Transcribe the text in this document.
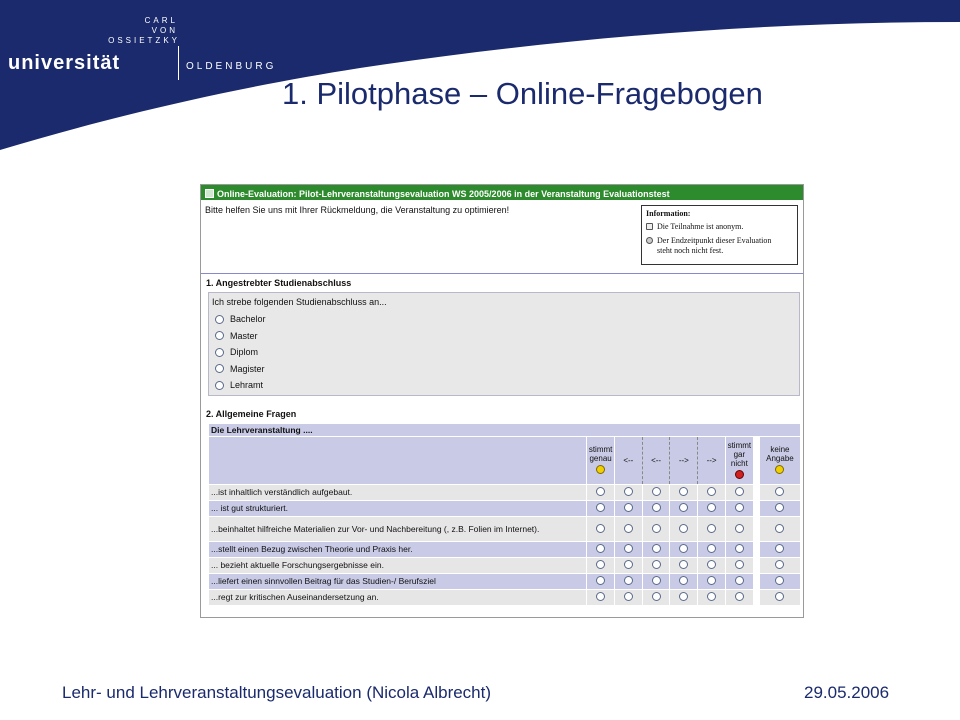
CARL
VON
OSSIETZKY
universität	OLDENBURG
1. Pilotphase – Online-Fragebogen
Online-Evaluation: Pilot-Lehrveranstaltungsevaluation WS 2005/2006 in der Veranstaltung Evaluationstest
Bitte helfen Sie uns mit Ihrer Rückmeldung, die Veranstaltung zu optimieren!	Information:
Die Teilnahme ist anonym.
Der Endzeitpunkt dieser Evaluation
steht noch nicht fest.
1. Angestrebter Studienabschluss
Ich strebe folgenden Studienabschluss an...
Bachelor
Master
Diplom
Magister
Lehramt
2. Allgemeine Fragen
Die Lehrveranstaltung ....								
	stimmt
genau	<--	<--	-->	-->	stimmt
gar
nicht		keine
Angabe

...ist inhaltlich verständlich aufgebaut.								
... ist gut strukturiert.								
...beinhaltet hilfreiche Materialien zur Vor- und Nachbereitung (, z.B. Folien im Internet).								
...stellt einen Bezug zwischen Theorie und Praxis her.								
... bezieht aktuelle Forschungsergebnisse ein.								
...liefert einen sinnvollen Beitrag für das Studien-/ Berufsziel								
...regt zur kritischen Auseinandersetzung an.								
Lehr- und Lehrveranstaltungsevaluation (Nicola Albrecht)	29.05.2006
